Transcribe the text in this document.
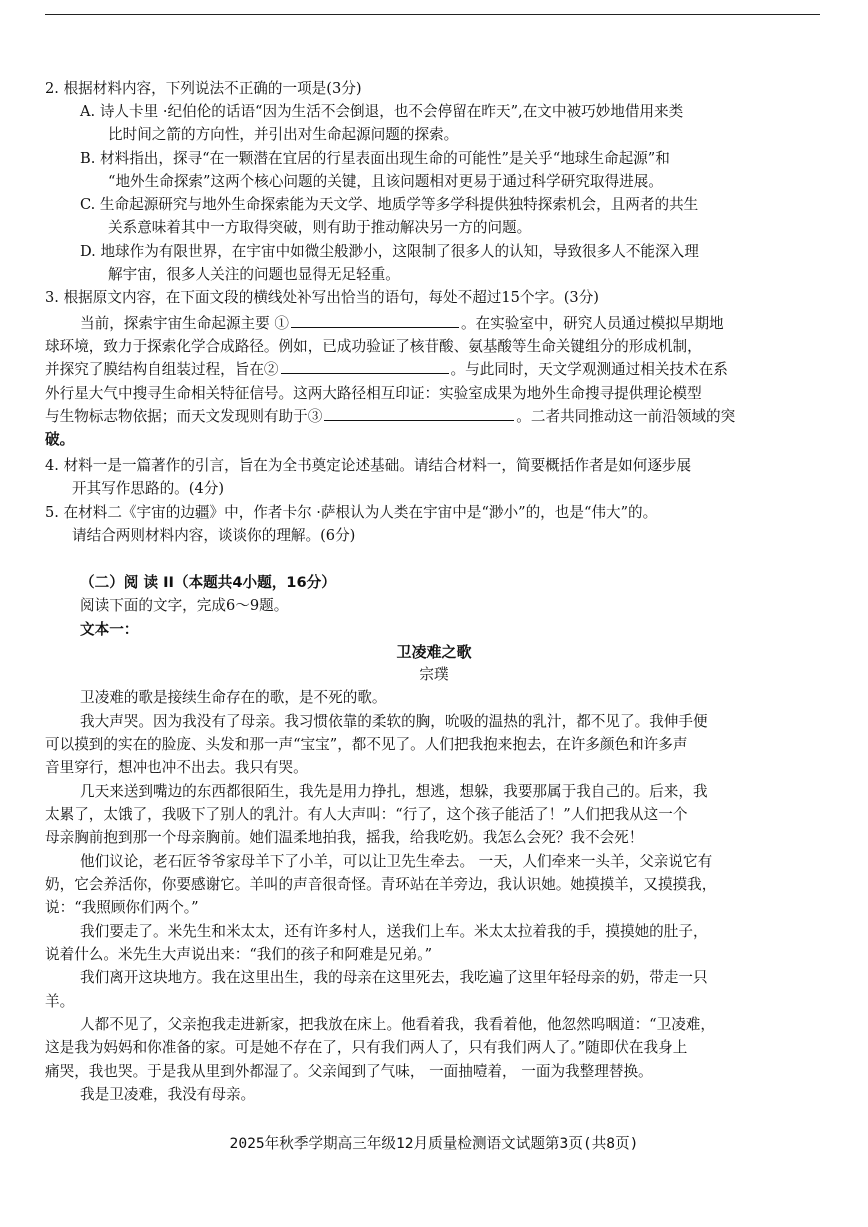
2. 根据材料内容，下列说法不正确的一项是(3分)
A. 诗人卡里 ·纪伯伦的话语“因为生活不会倒退，也不会停留在昨天”,在文中被巧妙地借用来类
比时间之箭的方向性，并引出对生命起源问题的探索。
B. 材料指出，探寻“在一颗潜在宜居的行星表面出现生命的可能性”是关乎“地球生命起源”和
“地外生命探索”这两个核心问题的关键，且该问题相对更易于通过科学研究取得进展。
C. 生命起源研究与地外生命探索能为天文学、地质学等多学科提供独特探索机会，且两者的共生
关系意味着其中一方取得突破，则有助于推动解决另一方的问题。
D. 地球作为有限世界，在宇宙中如微尘般渺小，这限制了很多人的认知，导致很多人不能深入理
解宇宙，很多人关注的问题也显得无足轻重。
3. 根据原文内容，在下面文段的横线处补写出恰当的语句，每处不超过15个字。(3分)
当前，探索宇宙生命起源主要 ①	。在实验室中，研究人员通过模拟早期地
球环境，致力于探索化学合成路径。例如，已成功验证了核苷酸、氨基酸等生命关键组分的形成机制，
并探究了膜结构自组装过程，旨在②	。与此同时，天文学观测通过相关技术在系
外行星大气中搜寻生命相关特征信号。这两大路径相互印证：实验室成果为地外生命搜寻提供理论模型
与生物标志物依据；而天文发现则有助于③	。二者共同推动这一前沿领域的突
破。
4. 材料一是一篇著作的引言，旨在为全书奠定论述基础。请结合材料一，简要概括作者是如何逐步展
开其写作思路的。(4分)
5. 在材料二《宇宙的边疆》中，作者卡尔 ·萨根认为人类在宇宙中是“渺小”的，也是“伟大”的。
请结合两则材料内容，谈谈你的理解。(6分)
（二）阅 读 II（本题共4小题，16分）
阅读下面的文字，完成6～9题。
文本一：
卫凌难之歌
宗璞
卫凌难的歌是接续生命存在的歌，是不死的歌。
我大声哭。因为我没有了母亲。我习惯依靠的柔软的胸，吮吸的温热的乳汁，都不见了。我伸手便
可以摸到的实在的脸庞、头发和那一声“宝宝”，都不见了。人们把我抱来抱去，在许多颜色和许多声
音里穿行，想冲也冲不出去。我只有哭。
几天来送到嘴边的东西都很陌生，我先是用力挣扎，想逃，想躲，我要那属于我自己的。后来，我
太累了，太饿了，我吸下了别人的乳汁。有人大声叫：“行了，这个孩子能活了！”人们把我从这一个
母亲胸前抱到那一个母亲胸前。她们温柔地拍我，摇我，给我吃奶。我怎么会死？我不会死！
他们议论，老石匠爷爷家母羊下了小羊，可以让卫先生牵去。 一天，人们牵来一头羊，父亲说它有
奶，它会养活你，你要感谢它。羊叫的声音很奇怪。青环站在羊旁边，我认识她。她摸摸羊，又摸摸我，
说：“我照顾你们两个。”
我们要走了。米先生和米太太，还有许多村人，送我们上车。米太太拉着我的手，摸摸她的肚子，
说着什么。米先生大声说出来：“我们的孩子和阿难是兄弟。”
我们离开这块地方。我在这里出生，我的母亲在这里死去，我吃遍了这里年轻母亲的奶，带走一只
羊。
人都不见了，父亲抱我走进新家，把我放在床上。他看着我，我看着他，他忽然呜咽道：“卫凌难，
这是我为妈妈和你准备的家。可是她不存在了，只有我们两人了，只有我们两人了。”随即伏在我身上
痛哭，我也哭。于是我从里到外都湿了。父亲闻到了气味， 一面抽噎着， 一面为我整理替换。
我是卫凌难，我没有母亲。
2025年秋季学期高三年级12月质量检测语文试题第3页(共8页)
